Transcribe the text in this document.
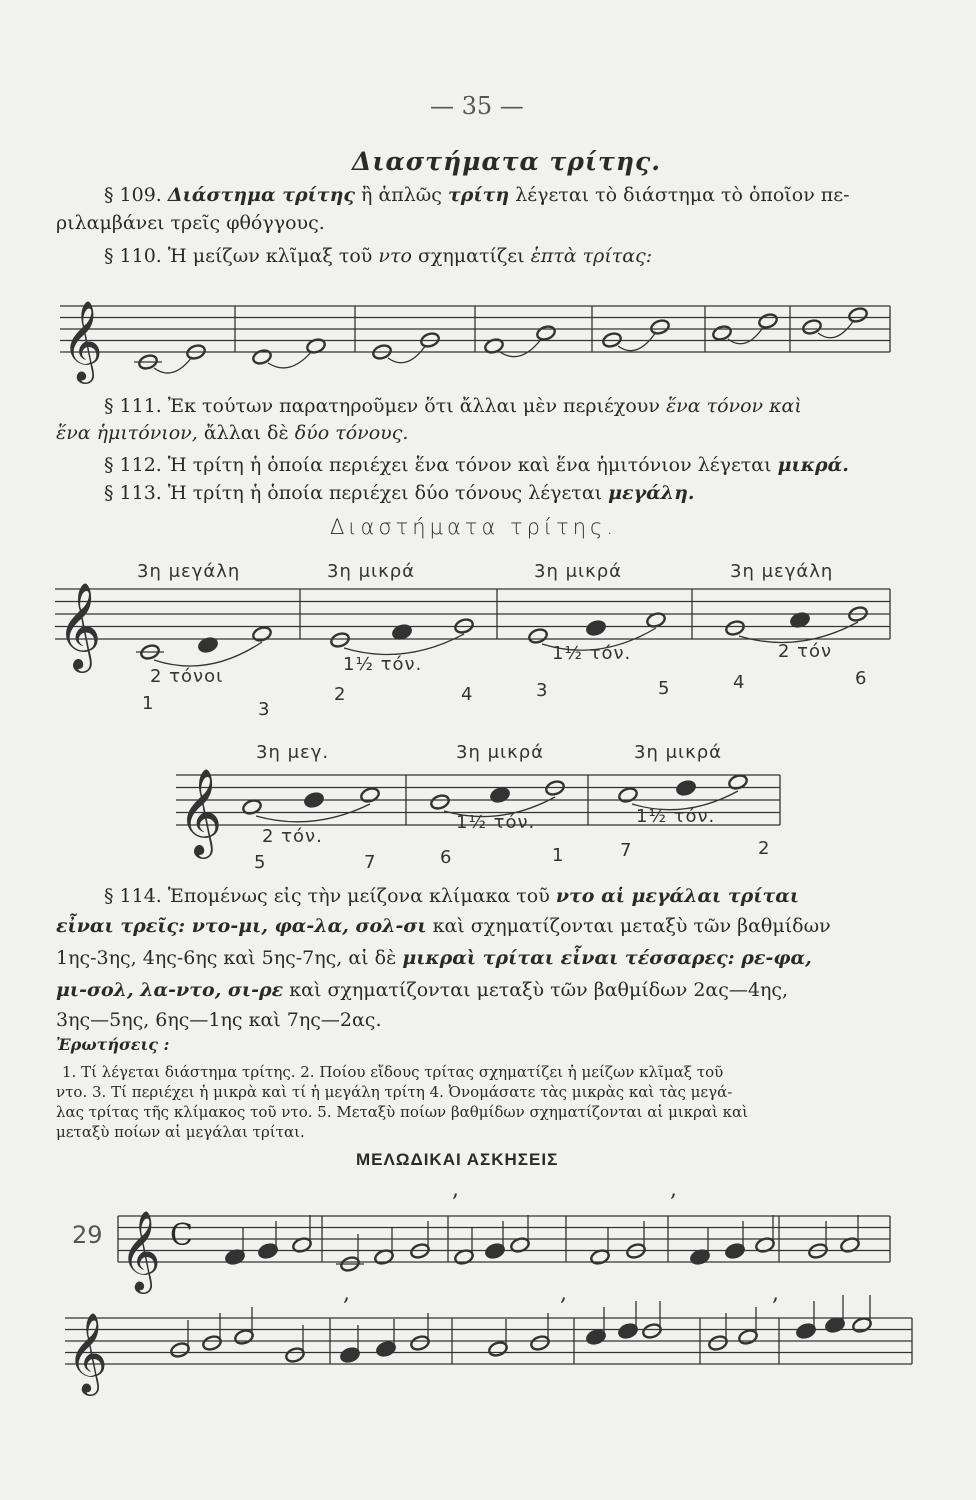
𝄞
𝄞
𝄞
𝄞
,	,
𝄞
,	,	,
— 35 —
Διαστήματα τρίτης.
§ 109. Διάστημα τρίτης ἢ ἁπλῶς τρίτη λέγεται τὸ διάστημα τὸ ὁποῖον πε-
ριλαμβάνει τρεῖς φθόγγους.
§ 110. Ἡ μείζων κλῖμαξ τοῦ ντο σχηματίζει ἑπτὰ τρίτας:
§ 111. Ἐκ τούτων παρατηροῦμεν ὅτι ἄλλαι μὲν περιέχουν ἕνα τόνον καὶ
ἕνα ἡμιτόνιον, ἄλλαι δὲ δύο τόνους.
§ 112. Ἡ τρίτη ἡ ὁποία περιέχει ἕνα τόνον καὶ ἕνα ἡμιτόνιον λέγεται μικρά.
§ 113. Ἡ τρίτη ἡ ὁποία περιέχει δύο τόνους λέγεται μεγάλη.
Διαστήματα τρίτης.
3η μεγάλη	3η μικρά	3η μικρά	3η μεγάλη
2 τόνοι
1½ τόν.
1½ τόν.	2 τόν
1	3
2	4	3	5	4	6
3η μεγ.	3η μικρά	3η μικρά
2 τόν.
1½ τόν.	1½ τόν.
5	7	6	1	7	2
§ 114. Ἑπομένως εἰς τὴν μείζονα κλίμακα τοῦ ντο αἱ μεγάλαι τρίται
εἶναι τρεῖς: ντο-μι, φα-λα, σολ-σι καὶ σχηματίζονται μεταξὺ τῶν βαθμίδων
1ης-3ης, 4ης-6ης καὶ 5ης-7ης, αἱ δὲ μικραὶ τρίται εἶναι τέσσαρες: ρε-φα,
μι-σολ, λα-ντο, σι-ρε καὶ σχηματίζονται μεταξὺ τῶν βαθμίδων 2ας—4ης,
3ης—5ης, 6ης—1ης καὶ 7ης—2ας.
Ἐρωτήσεις :
1. Τί λέγεται διάστημα τρίτης. 2. Ποίου εἴδους τρίτας σχηματίζει ἡ μείζων κλῖμαξ τοῦ
ντο. 3. Τί περιέχει ἡ μικρὰ καὶ τί ἡ μεγάλη τρίτη 4. Ὀνομάσατε τὰς μικρὰς καὶ τὰς μεγά-
λας τρίτας τῆς κλίμακος τοῦ ντο. 5. Μεταξὺ ποίων βαθμίδων σχηματίζονται αἱ μικραὶ καὶ
μεταξὺ ποίων αἱ μεγάλαι τρίται.
ΜΕΛΩΔΙΚΑΙ ΑΣΚΗΣΕΙΣ
29 C
